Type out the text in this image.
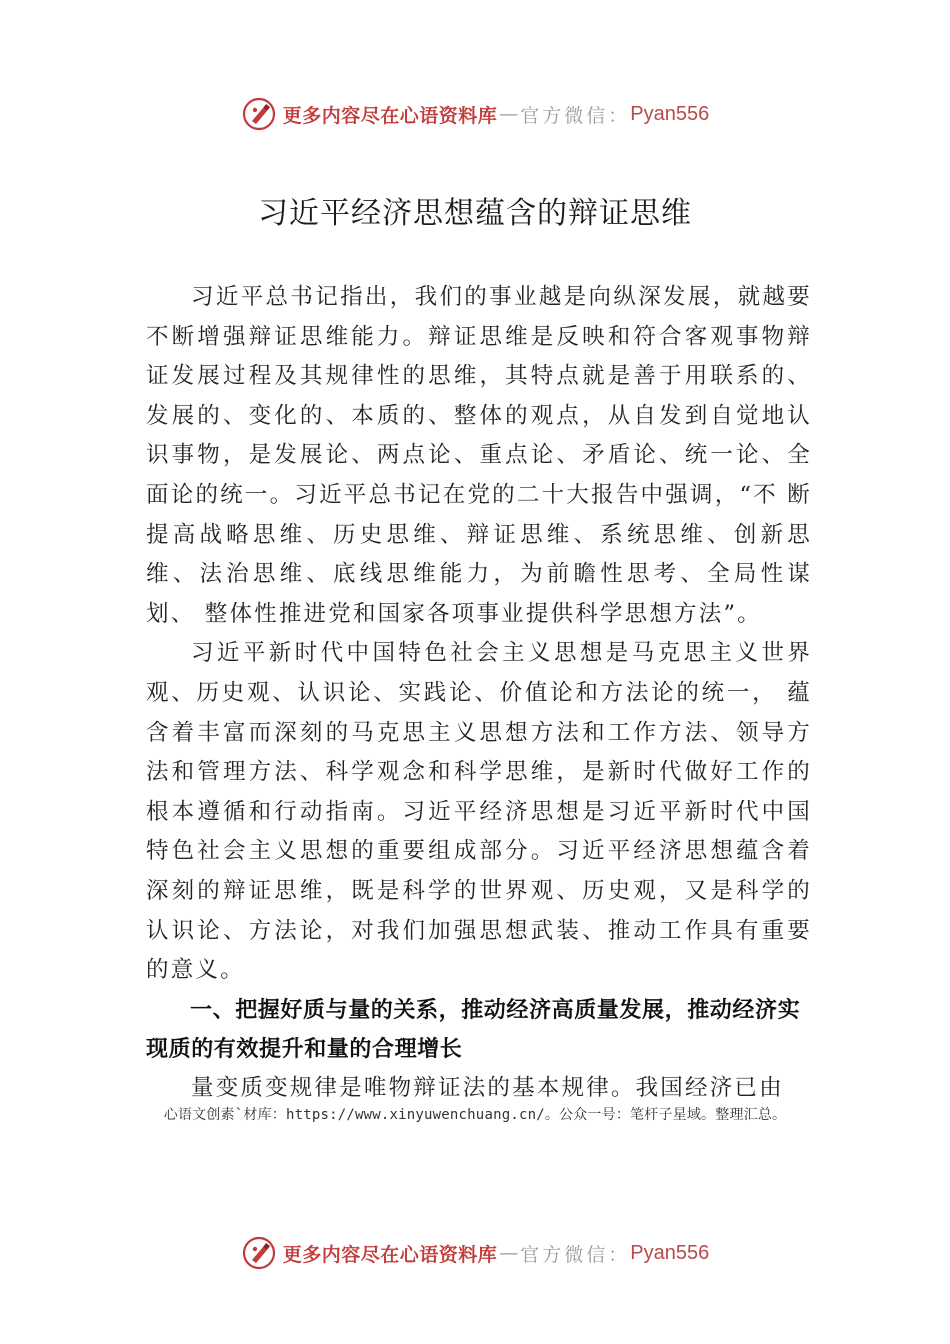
更多内容尽在心语资料库 — 官方微信： Pyan556
习近平经济思想蕴含的辩证思维

习近平总书记指出，我们的事业越是向纵深发展，就越要不断增强辩证思维能力。辩证思维是反映和符合客观事物辩证发展过程及其规律性的思维，其特点就是善于用联系的、发展的、变化的、本质的、整体的观点，从自发到自觉地认识事物，是发展论、两点论、重点论、矛盾论、统一论、全面论的统一。习近平总书记在党的二十大报告中强调，“不 断提高战略思维、历史思维、辩证思维、系统思维、创新思 维、法治思维、底线思维能力，为前瞻性思考、全局性谋划、 整体性推进党和国家各项事业提供科学思想方法”。

习近平新时代中国特色社会主义思想是马克思主义世界观、历史观、认识论、实践论、价值论和方法论的统一， 蕴含着丰富而深刻的马克思主义思想方法和工作方法、领导方法和管理方法、科学观念和科学思维，是新时代做好工作的根本遵循和行动指南。习近平经济思想是习近平新时代中国特色社会主义思想的重要组成部分。习近平经济思想蕴含着深刻的辩证思维，既是科学的世界观、历史观，又是科学的认识论、方法论，对我们加强思想武装、推动工作具有重要的意义。

一、把握好质与量的关系，推动经济高质量发展，推动经济实现质的有效提升和量的合理增长

量变质变规律是唯物辩证法的基本规律。我国经济已由

心语文创素`材库：https://www.xinyuwenchuang.cn/。公众一号：笔杆子星域。整理汇总。
更多内容尽在心语资料库 — 官方微信： Pyan556
